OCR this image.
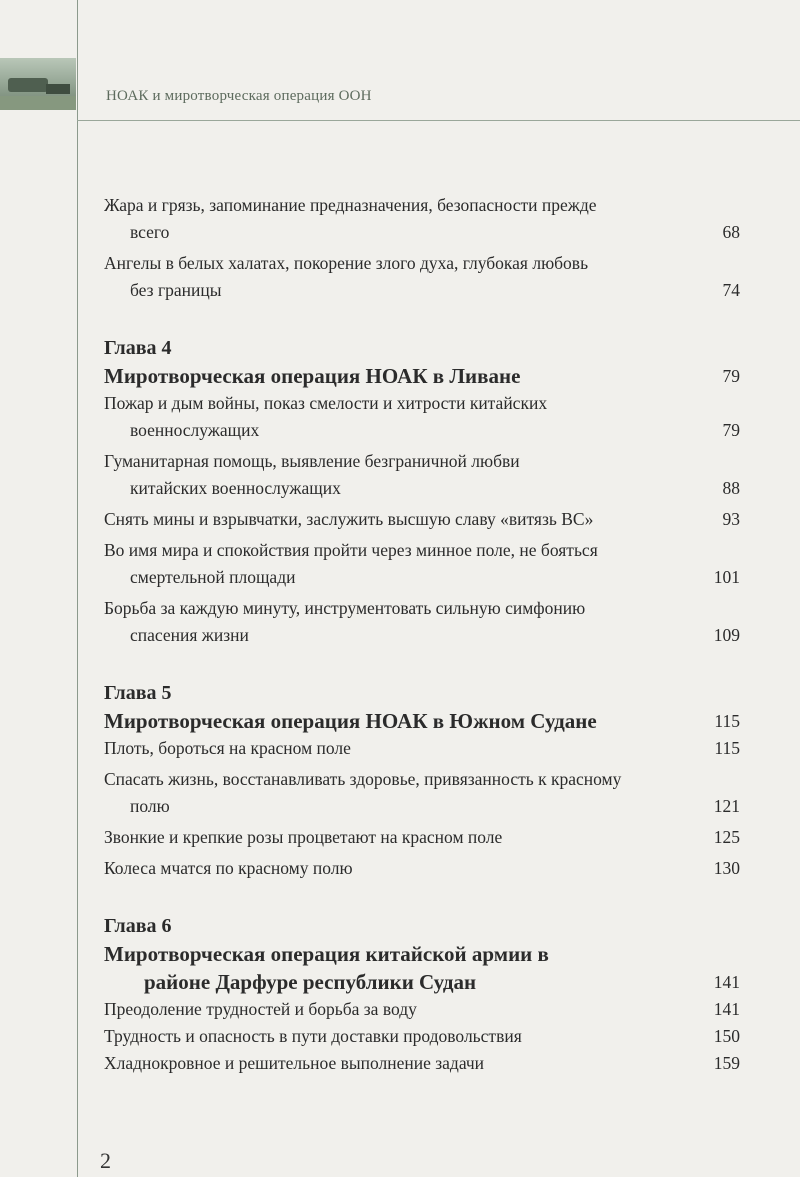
НОАК и миротворческая операция ООН
Жара и грязь, запоминание предназначения, безопасности прежде
всего	68
Ангелы в белых халатах, покорение злого духа, глубокая любовь
без границы	74
Глава 4
Миротворческая операция НОАК в Ливане	79
Пожар и дым войны, показ смелости и хитрости китайских
военнослужащих	79
Гуманитарная помощь, выявление безграничной любви
китайских военнослужащих	88
Снять мины и взрывчатки, заслужить высшую славу «витязь ВС»	93
Во имя мира и спокойствия пройти через минное поле, не бояться
смертельной площади	101
Борьба за каждую минуту, инструментовать сильную симфонию
спасения жизни	109
Глава 5
Миротворческая операция НОАК в Южном Судане	115
Плоть, бороться на красном поле	115
Спасать жизнь, восстанавливать здоровье, привязанность к красному
полю	121
Звонкие и крепкие розы процветают на красном поле	125
Колеса мчатся по красному полю	130
Глава 6
Миротворческая операция китайской армии в
районе Дарфуре республики Судан	141
Преодоление трудностей и борьба за воду	141
Трудность и опасность в пути доставки продовольствия	150
Хладнокровное и решительное выполнение задачи	159
2
